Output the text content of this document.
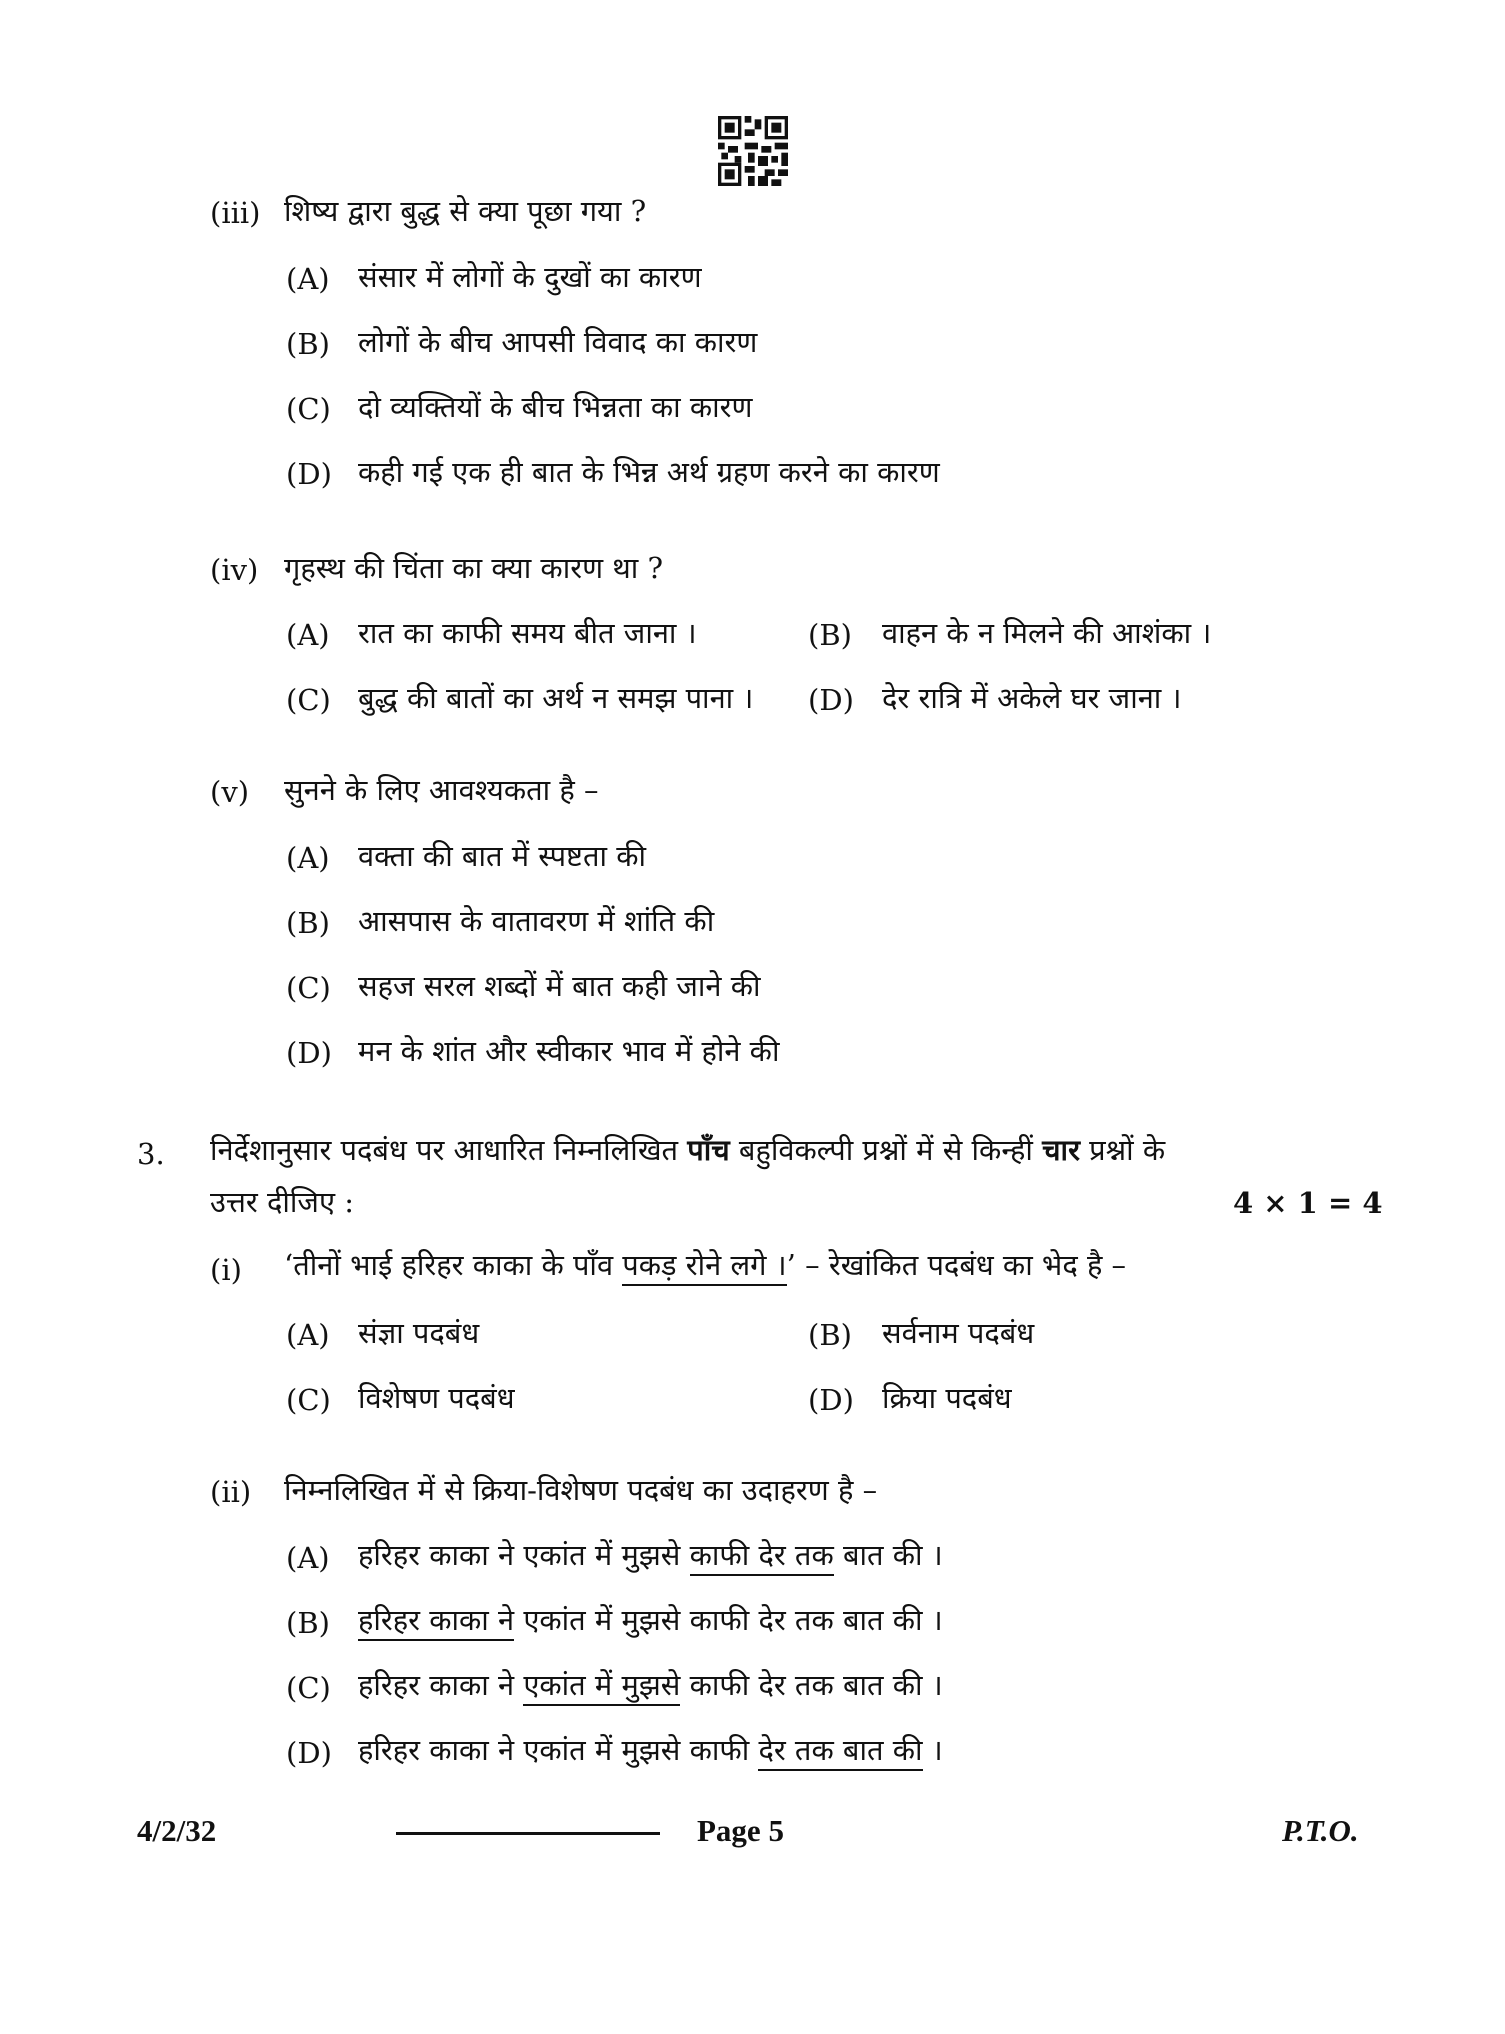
(iii) शिष्य द्वारा बुद्ध से क्या पूछा गया ?
(A) संसार में लोगों के दुखों का कारण
(B) लोगों के बीच आपसी विवाद का कारण
(C) दो व्यक्तियों के बीच भिन्नता का कारण
(D) कही गई एक ही बात के भिन्न अर्थ ग्रहण करने का कारण
(iv) गृहस्थ की चिंता का क्या कारण था ?
(A) रात का काफी समय बीत जाना ।	(B) वाहन के न मिलने की आशंका ।
(C) बुद्ध की बातों का अर्थ न समझ पाना । (D) देर रात्रि में अकेले घर जाना ।
(v) सुनने के लिए आवश्यकता है –
(A) वक्ता की बात में स्पष्टता की
(B) आसपास के वातावरण में शांति की
(C) सहज सरल शब्दों में बात कही जाने की
(D) मन के शांत और स्वीकार भाव में होने की
3. निर्देशानुसार पदबंध पर आधारित निम्नलिखित पाँच बहुविकल्पी प्रश्नों में से किन्हीं चार प्रश्नों के
उत्तर दीजिए :	4 × 1 = 4
(i) ‘तीनों भाई हरिहर काका के पाँव पकड़ रोने लगे ।’ – रेखांकित पदबंध का भेद है –
(A) संज्ञा पदबंध	(B) सर्वनाम पदबंध
(C) विशेषण पदबंध	(D) क्रिया पदबंध
(ii) निम्नलिखित में से क्रिया-विशेषण पदबंध का उदाहरण है –
(A) हरिहर काका ने एकांत में मुझसे काफी देर तक बात की ।
(B) हरिहर काका ने एकांत में मुझसे काफी देर तक बात की ।
(C) हरिहर काका ने एकांत में मुझसे काफी देर तक बात की ।
(D) हरिहर काका ने एकांत में मुझसे काफी देर तक बात की ।
4/2/32	Page 5	P.T.O.
